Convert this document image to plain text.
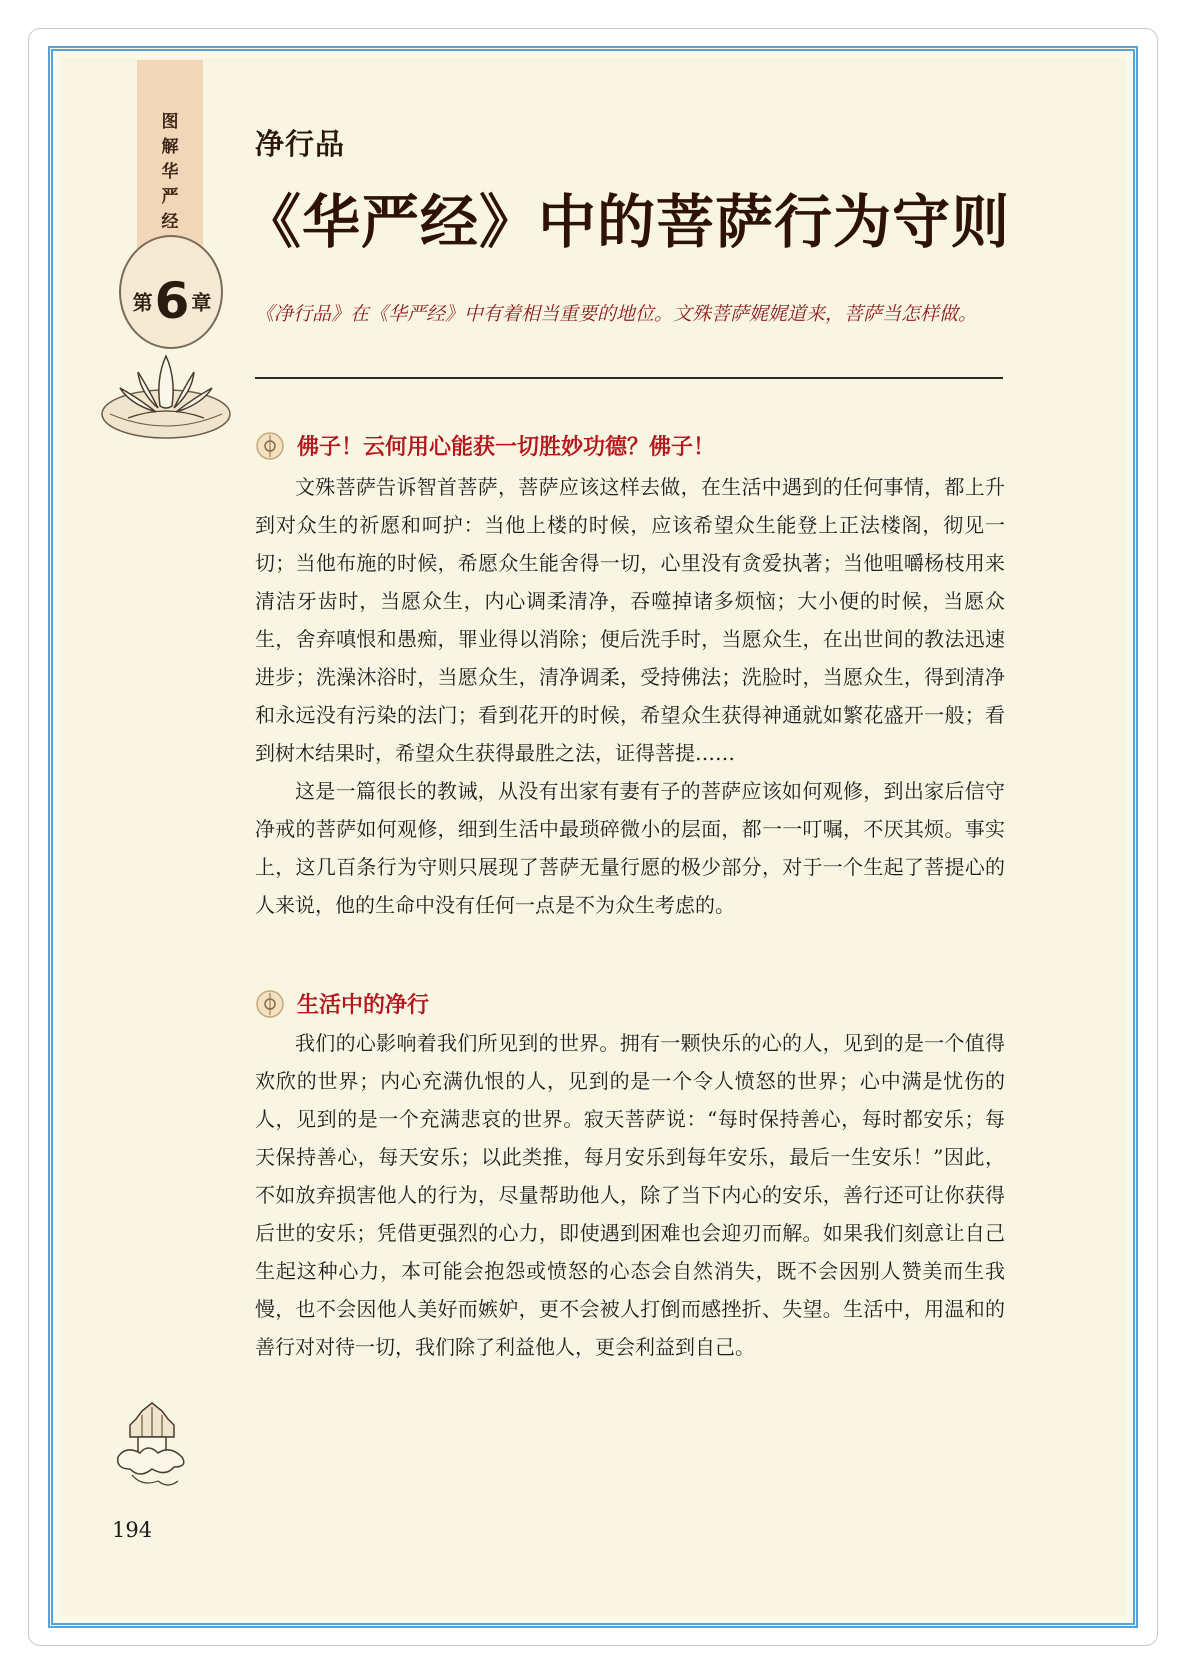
图
解
华
严
经
第6 章
净行品
《华严经》中的菩萨行为守则
《净行品》在《华严经》中有着相当重要的地位。文殊菩萨娓娓道来，菩萨当怎样做。
佛子！云何用心能获一切胜妙功德？佛子！

文殊菩萨告诉智首菩萨，菩萨应该这样去做，在生活中遇到的任何事情，都上升到对众生的祈愿和呵护：当他上楼的时候，应该希望众生能登上正法楼阁，彻见一切；当他布施的时候，希愿众生能舍得一切，心里没有贪爱执著；当他咀嚼杨枝用来清洁牙齿时，当愿众生，内心调柔清净，吞噬掉诸多烦恼；大小便的时候，当愿众生，舍弃嗔恨和愚痴，罪业得以消除；便后洗手时，当愿众生，在出世间的教法迅速进步；洗澡沐浴时，当愿众生，清净调柔，受持佛法；洗脸时，当愿众生，得到清净和永远没有污染的法门；看到花开的时候，希望众生获得神通就如繁花盛开一般；看到树木结果时，希望众生获得最胜之法，证得菩提……

这是一篇很长的教诫，从没有出家有妻有子的菩萨应该如何观修，到出家后信守净戒的菩萨如何观修，细到生活中最琐碎微小的层面，都一一叮嘱，不厌其烦。事实上，这几百条行为守则只展现了菩萨无量行愿的极少部分，对于一个生起了菩提心的人来说，他的生命中没有任何一点是不为众生考虑的。

生活中的净行

我们的心影响着我们所见到的世界。拥有一颗快乐的心的人，见到的是一个值得欢欣的世界；内心充满仇恨的人，见到的是一个令人愤怒的世界；心中满是忧伤的人，见到的是一个充满悲哀的世界。寂天菩萨说：“每时保持善心，每时都安乐；每天保持善心，每天安乐；以此类推，每月安乐到每年安乐，最后一生安乐！”因此，不如放弃损害他人的行为，尽量帮助他人，除了当下内心的安乐，善行还可让你获得后世的安乐；凭借更强烈的心力，即使遇到困难也会迎刃而解。如果我们刻意让自己生起这种心力，本可能会抱怨或愤怒的心态会自然消失，既不会因别人赞美而生我慢，也不会因他人美好而嫉妒，更不会被人打倒而感挫折、失望。生活中，用温和的善行对对待一切，我们除了利益他人，更会利益到自己。

194
